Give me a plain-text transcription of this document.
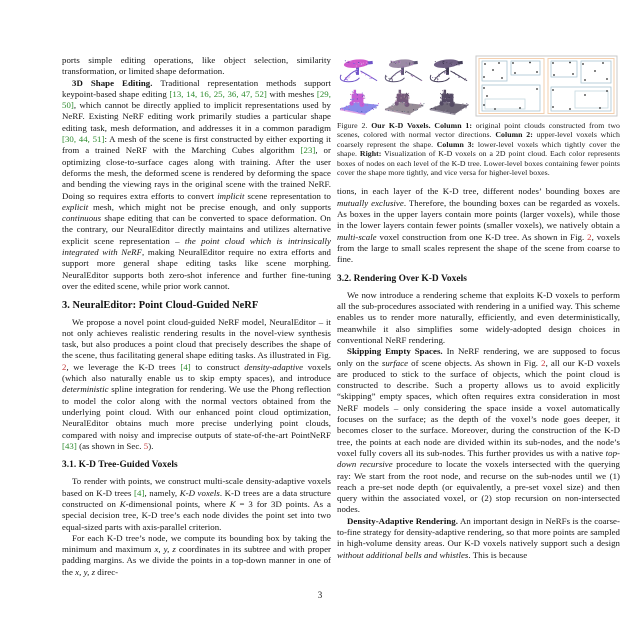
ports simple editing operations, like object selection, similarity transformation, or limited shape deformation.

3D Shape Editing. Traditional representation methods support keypoint-based shape editing [13, 14, 16, 25, 36, 47, 52] with meshes [29, 50], which cannot be directly applied to implicit representations used by NeRF. Existing NeRF editing work primarily studies a particular shape editing task, mesh deformation, and addresses it in a common paradigm [30, 44, 51]: A mesh of the scene is first constructed by either exporting it from a trained NeRF with the Marching Cubes algorithm [23], or optimizing close-to-surface cages along with training. After the user deforms the mesh, the deformed scene is rendered by deforming the space and bending the viewing rays in the original scene with the trained NeRF. Doing so requires extra efforts to convert implicit scene representation to explicit mesh, which might not be precise enough, and only supports continuous shape editing that can be converted to space deformation. On the contrary, our NeuralEditor directly maintains and utilizes alternative explicit scene representation – the point cloud which is intrinsically integrated with NeRF, making NeuralEditor require no extra efforts and support more general shape editing tasks like scene morphing. NeuralEditor supports both zero-shot inference and further fine-tuning over the edited scene, while prior work cannot.

3. NeuralEditor: Point Cloud-Guided NeRF

We propose a novel point cloud-guided NeRF model, NeuralEditor – it not only achieves realistic rendering results in the novel-view synthesis task, but also produces a point cloud that precisely describes the shape of the scene, thus facilitating general shape editing tasks. As illustrated in Fig. 2, we leverage the K-D trees [4] to construct density-adaptive voxels (which also naturally enable us to skip empty spaces), and introduce deterministic spline integration for rendering. We use the Phong reflection to model the color along with the normal vectors obtained from the underlying point cloud. With our enhanced point cloud optimization, NeuralEditor obtains much more precise underlying point clouds, compared with noisy and imprecise outputs of state-of-the-art PointNeRF [43] (as shown in Sec. 5).

3.1. K-D Tree-Guided Voxels

To render with points, we construct multi-scale density-adaptive voxels based on K-D trees [4], namely, K-D voxels. K-D trees are a data structure constructed on K-dimensional points, where K = 3 for 3D points. As a special decision tree, K-D tree’s each node divides the point set into two equal-sized parts with axis-parallel criterion.

For each K-D tree’s node, we compute its bounding box by taking the minimum and maximum x, y, z coordinates in its subtree and with proper padding margins. As we divide the points in a top-down manner in one of the x, y, z direc-

Figure 2. Our K-D Voxels. Column 1: original point clouds constructed from two scenes, colored with normal vector directions. Column 2: upper-level voxels which coarsely represent the shape. Column 3: lower-level voxels which tightly cover the shape. Right: Visualization of K-D voxels on a 2D point cloud. Each color represents boxes of nodes on each level of the K-D tree. Lower-level boxes containing fewer points cover the shape more tightly, and vice versa for higher-level boxes.

tions, in each layer of the K-D tree, different nodes’ bounding boxes are mutually exclusive. Therefore, the bounding boxes can be regarded as voxels. As boxes in the upper layers contain more points (larger voxels), while those in the lower layers contain fewer points (smaller voxels), we natively obtain a multi-scale voxel construction from one K-D tree. As shown in Fig. 2, voxels from the large to small scales represent the shape of the scene from coarse to fine.

3.2. Rendering Over K-D Voxels

We now introduce a rendering scheme that exploits K-D voxels to perform all the sub-procedures associated with rendering in a unified way. This scheme enables us to render more naturally, efficiently, and even deterministically, meanwhile it also simplifies some widely-adopted design choices in conventional NeRF rendering.

Skipping Empty Spaces. In NeRF rendering, we are supposed to focus only on the surface of scene objects. As shown in Fig. 2, all our K-D voxels are produced to stick to the surface of objects, which the point cloud is constructed to describe. Such a property allows us to avoid explicitly “skipping” empty spaces, which often requires extra consideration in most NeRF models – only considering the space inside a voxel automatically focuses on the surface; as the depth of the voxel’s node goes deeper, it becomes closer to the surface. Moreover, during the construction of the K-D tree, the points at each node are divided within its sub-nodes, and the node’s voxel fully covers all its sub-nodes. This further provides us with a native top-down recursive procedure to locate the voxels intersected with the querying ray: We start from the root node, and recurse on the sub-nodes until we (1) reach a pre-set node depth (or equivalently, a pre-set voxel size) and then query within the associated voxel, or (2) stop recursion on non-intersected nodes.

Density-Adaptive Rendering. An important design in NeRFs is the coarse-to-fine strategy for density-adaptive rendering, so that more points are sampled in high-volume density areas. Our K-D voxels natively support such a design without additional bells and whistles. This is because

3
